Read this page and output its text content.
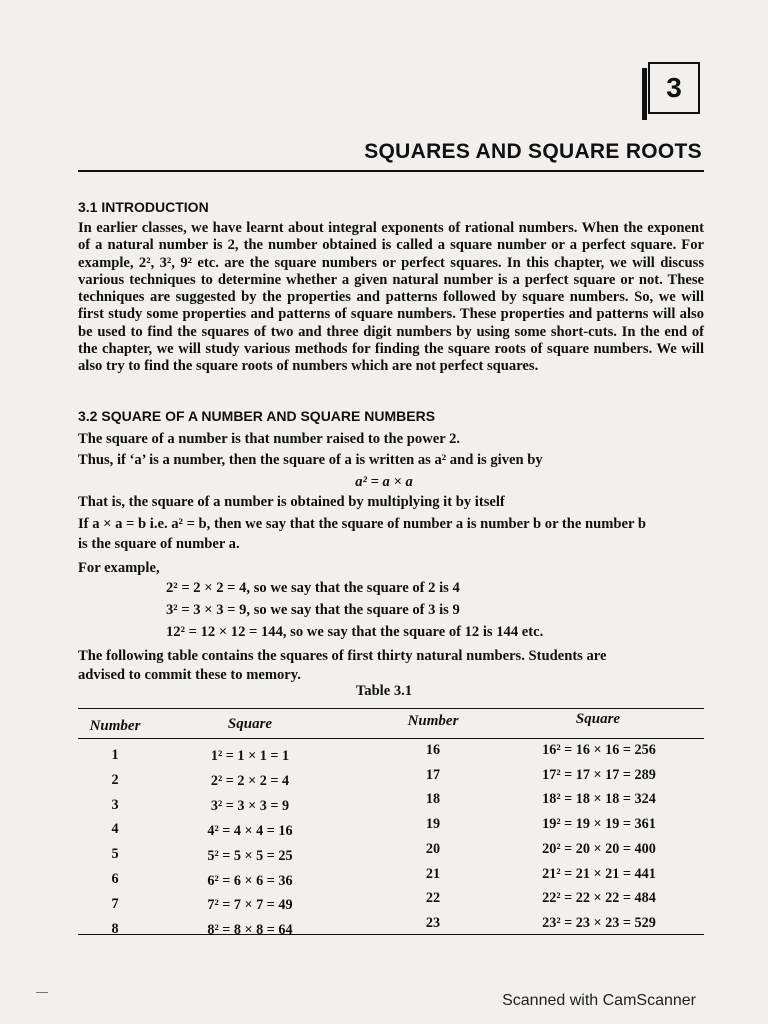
3
SQUARES AND SQUARE ROOTS
3.1 INTRODUCTION
In earlier classes, we have learnt about integral exponents of rational numbers. When the exponent of a natural number is 2, the number obtained is called a square number or a perfect square. For example, 2², 3², 9² etc. are the square numbers or perfect squares. In this chapter, we will discuss various techniques to determine whether a given natural number is a perfect square or not. These techniques are suggested by the properties and patterns followed by square numbers. So, we will first study some properties and patterns of square numbers. These properties and patterns will also be used to find the squares of two and three digit numbers by using some short-cuts. In the end of the chapter, we will study various methods for finding the square roots of square numbers. We will also try to find the square roots of numbers which are not perfect squares.
3.2 SQUARE OF A NUMBER AND SQUARE NUMBERS
The square of a number is that number raised to the power 2.
Thus, if ‘a’ is a number, then the square of a is written as a² and is given by
a² = a × a
That is, the square of a number is obtained by multiplying it by itself
If a × a = b i.e. a² = b, then we say that the square of number a is number b or the number b
is the square of number a.
For example,
2² = 2 × 2 = 4, so we say that the square of 2 is 4
3² = 3 × 3 = 9, so we say that the square of 3 is 9
12² = 12 × 12 = 144, so we say that the square of 12 is 144 etc.
The following table contains the squares of first thirty natural numbers. Students are
advised to commit these to memory.
Table 3.1
Number	Square	Number	Square
1	1² = 1 × 1 = 1	16	16² = 16 × 16 = 256
2	2² = 2 × 2 = 4	17	17² = 17 × 17 = 289
3	3² = 3 × 3 = 9	18	18² = 18 × 18 = 324
4	4² = 4 × 4 = 16	19	19² = 19 × 19 = 361
5	5² = 5 × 5 = 25	20	20² = 20 × 20 = 400
6	6² = 6 × 6 = 36	21	21² = 21 × 21 = 441
7	7² = 7 × 7 = 49	22	22² = 22 × 22 = 484
8	8² = 8 × 8 = 64	23	23² = 23 × 23 = 529
Scanned with CamScanner
